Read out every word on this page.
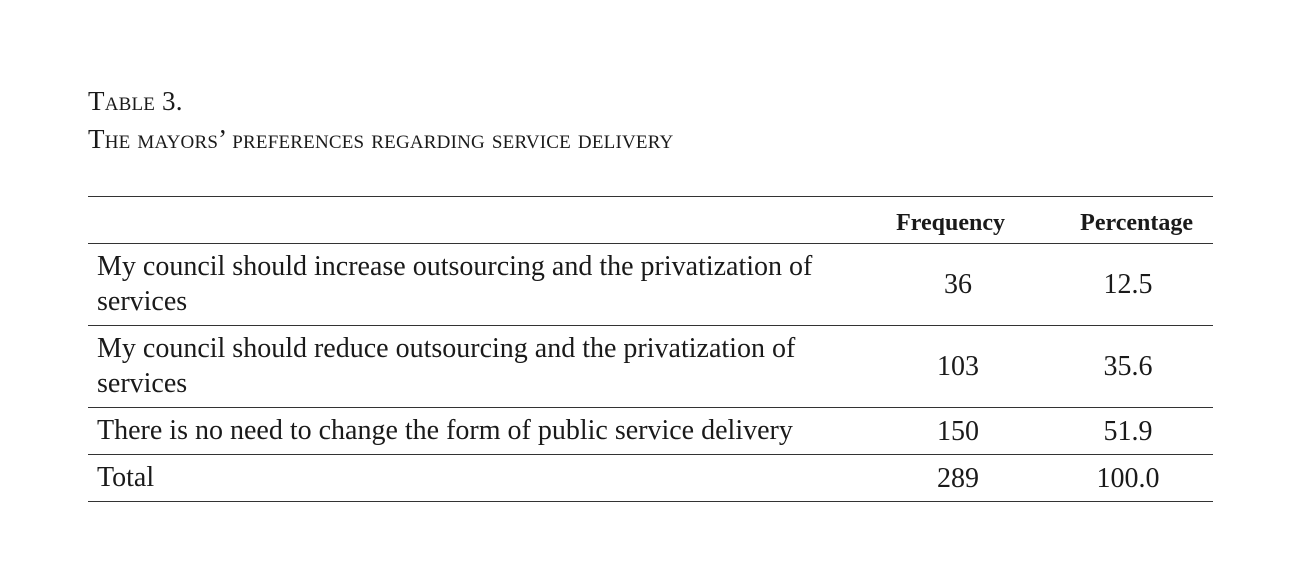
Table 3.
The mayors’ preferences regarding service delivery
	Frequency	Percentage
My council should increase outsourcing and the privatization of services	36	12.5
My council should reduce outsourcing and the privatization of services	103	35.6
There is no need to change the form of public service delivery	150	51.9
Total	289	100.0
